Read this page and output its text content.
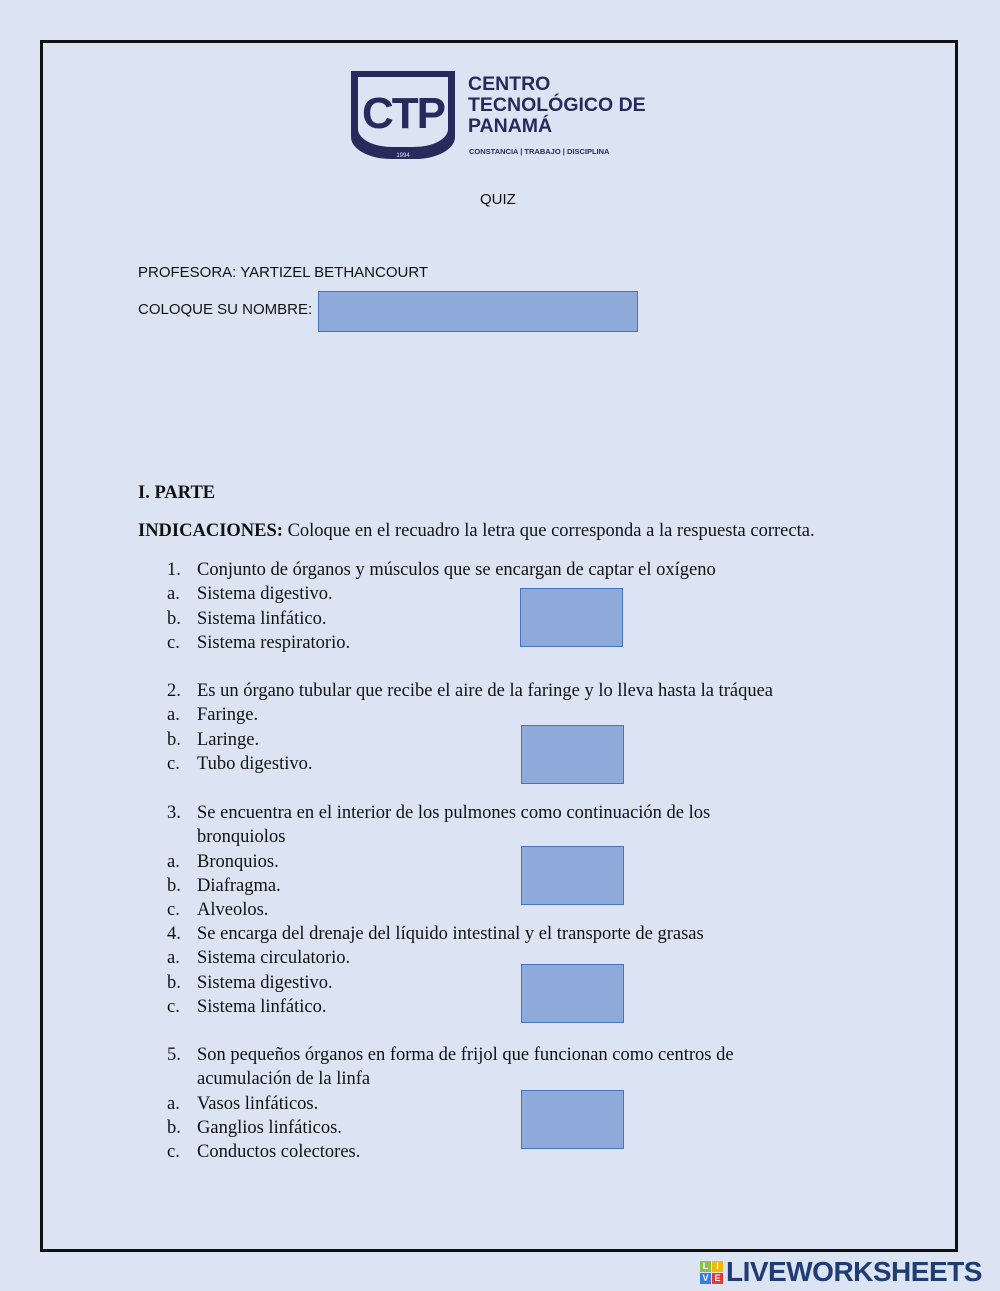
CTP
1994
CENTRO
TECNOLÓGICO DE
PANAMÁ
CONSTANCIA | TRABAJO | DISCIPLINA
QUIZ
PROFESORA: YARTIZEL BETHANCOURT
COLOQUE SU NOMBRE:
I. PARTE
INDICACIONES: Coloque en el recuadro la letra que corresponda a la respuesta correcta.
1. Conjunto de órganos y músculos que se encargan de captar el oxígeno
a. Sistema digestivo.
b. Sistema linfático.
c. Sistema respiratorio.
2. Es un órgano tubular que recibe el aire de la faringe y lo lleva hasta la tráquea
a. Faringe.
b. Laringe.
c. Tubo digestivo.
3. Se encuentra en el interior de los pulmones como continuación de los bronquiolos
a. Bronquios.
b. Diafragma.
c. Alveolos.
4. Se encarga del drenaje del líquido intestinal y el transporte de grasas
a. Sistema circulatorio.
b. Sistema digestivo.
c. Sistema linfático.
5. Son pequeños órganos en forma de frijol que funcionan como centros de acumulación de la linfa
a. Vasos linfáticos.
b. Ganglios linfáticos.
c. Conductos colectores.
L I
V E LIVEWORKSHEETS
